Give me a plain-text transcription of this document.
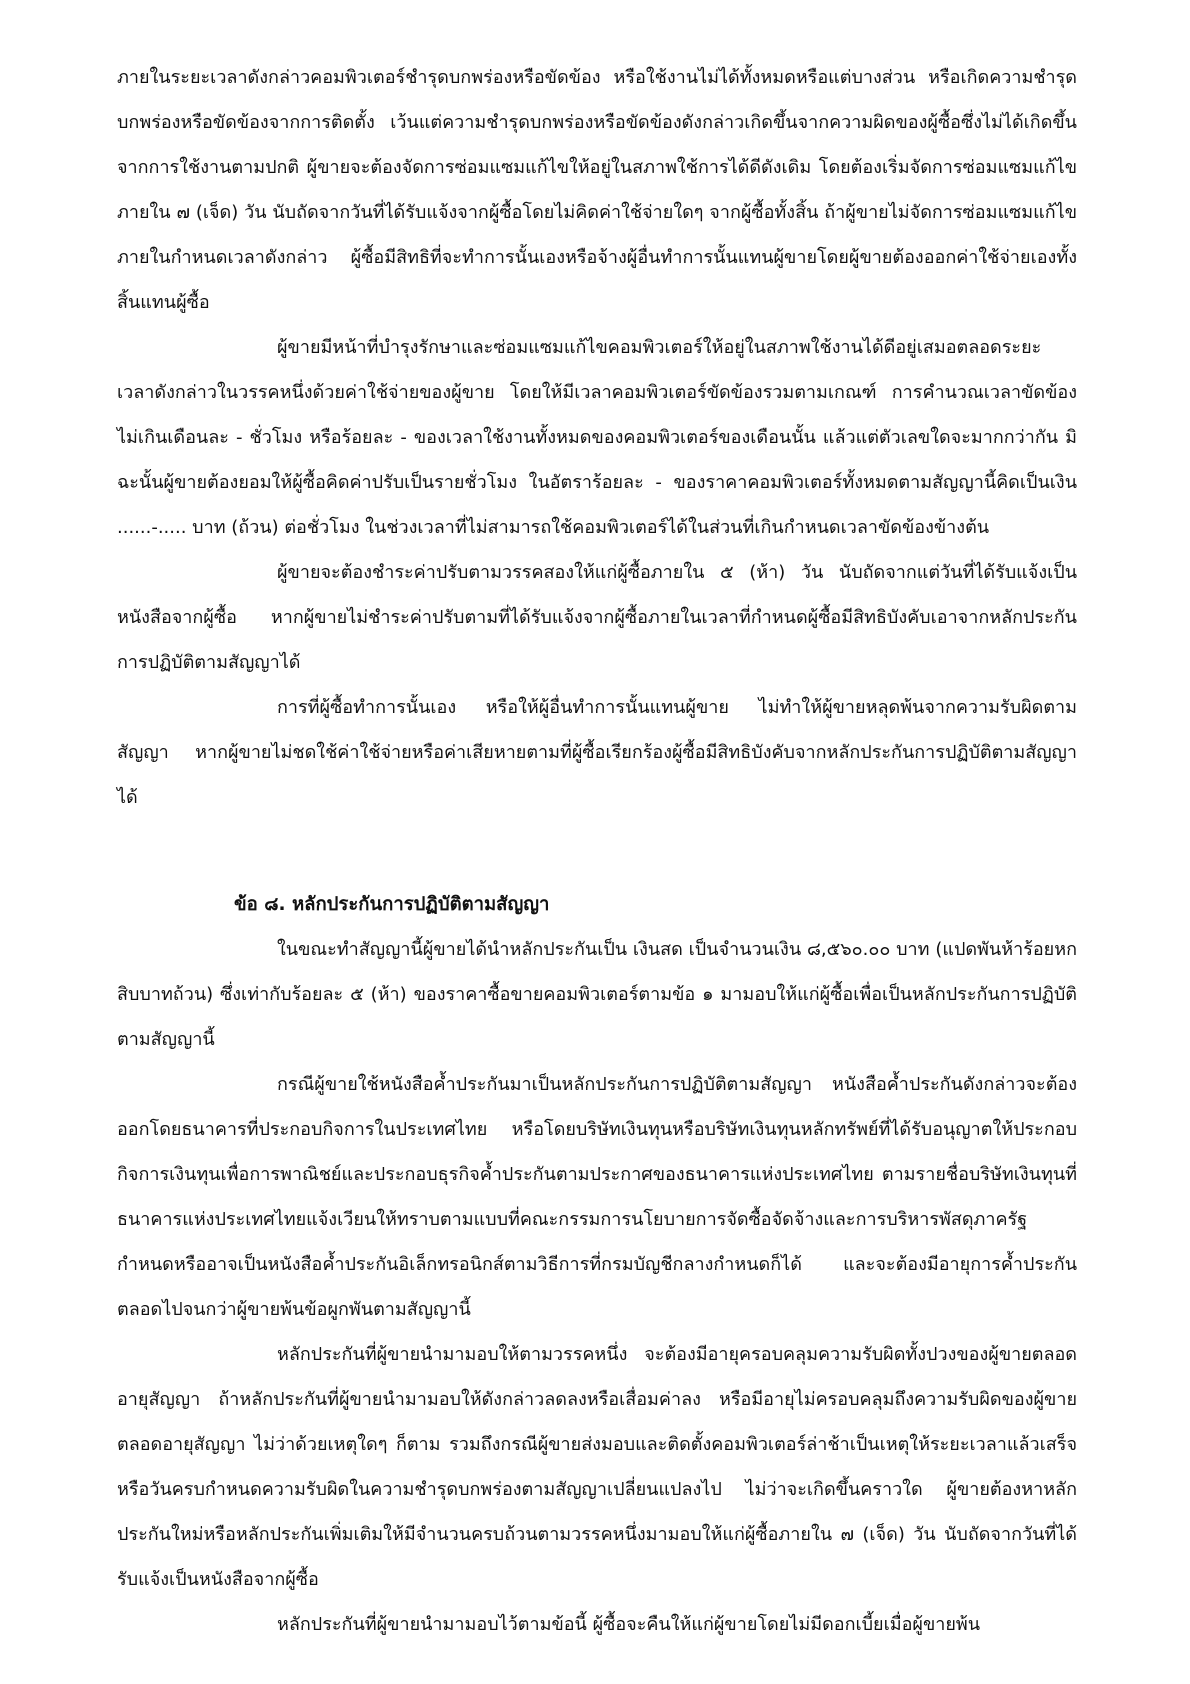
ภายในระยะเวลาดังกล่าวคอมพิวเตอร์ชำรุดบกพร่องหรือขัดข้อง หรือใช้งานไม่ได้ทั้งหมดหรือแต่บางส่วน หรือเกิดความชำรุดบกพร่องหรือขัดข้องจากการติดตั้ง เว้นแต่ความชำรุดบกพร่องหรือขัดข้องดังกล่าวเกิดขึ้นจากความผิดของผู้ซื้อซึ่งไม่ได้เกิดขึ้นจากการใช้งานตามปกติ ผู้ขายจะต้องจัดการซ่อมแซมแก้ไขให้อยู่ในสภาพใช้การได้ดีดังเดิม โดยต้องเริ่มจัดการซ่อมแซมแก้ไขภายใน ๗ (เจ็ด) วัน นับถัดจากวันที่ได้รับแจ้งจากผู้ซื้อโดยไม่คิดค่าใช้จ่ายใดๆ จากผู้ซื้อทั้งสิ้น ถ้าผู้ขายไม่จัดการซ่อมแซมแก้ไข ภายในกำหนดเวลาดังกล่าว ผู้ซื้อมีสิทธิที่จะทำการนั้นเองหรือจ้างผู้อื่นทำการนั้นแทนผู้ขายโดยผู้ขายต้องออกค่าใช้จ่ายเองทั้งสิ้นแทนผู้ซื้อ

ผู้ขายมีหน้าที่บำรุงรักษาและซ่อมแซมแก้ไขคอมพิวเตอร์ให้อยู่ในสภาพใช้งานได้ดีอยู่เสมอตลอดระยะเวลาดังกล่าวในวรรคหนึ่งด้วยค่าใช้จ่ายของผู้ขาย โดยให้มีเวลาคอมพิวเตอร์ขัดข้องรวมตามเกณฑ์ การคำนวณเวลาขัดข้องไม่เกินเดือนละ - ชั่วโมง หรือร้อยละ - ของเวลาใช้งานทั้งหมดของคอมพิวเตอร์ของเดือนนั้น แล้วแต่ตัวเลขใดจะมากกว่ากัน มิฉะนั้นผู้ขายต้องยอมให้ผู้ซื้อคิดค่าปรับเป็นรายชั่วโมง ในอัตราร้อยละ - ของราคาคอมพิวเตอร์ทั้งหมดตามสัญญานี้คิดเป็นเงิน ......-..... บาท (ถ้วน) ต่อชั่วโมง ในช่วงเวลาที่ไม่สามารถใช้คอมพิวเตอร์ได้ในส่วนที่เกินกำหนดเวลาขัดข้องข้างต้น

ผู้ขายจะต้องชำระค่าปรับตามวรรคสองให้แก่ผู้ซื้อภายใน ๕ (ห้า) วัน นับถัดจากแต่วันที่ได้รับแจ้งเป็นหนังสือจากผู้ซื้อ หากผู้ขายไม่ชำระค่าปรับตามที่ได้รับแจ้งจากผู้ซื้อภายในเวลาที่กำหนดผู้ซื้อมีสิทธิบังคับเอาจากหลักประกันการปฏิบัติตามสัญญาได้

การที่ผู้ซื้อทำการนั้นเอง หรือให้ผู้อื่นทำการนั้นแทนผู้ขาย ไม่ทำให้ผู้ขายหลุดพ้นจากความรับผิดตามสัญญา หากผู้ขายไม่ชดใช้ค่าใช้จ่ายหรือค่าเสียหายตามที่ผู้ซื้อเรียกร้องผู้ซื้อมีสิทธิบังคับจากหลักประกันการปฏิบัติตามสัญญาได้

ข้อ ๘. หลักประกันการปฏิบัติตามสัญญา

ในขณะทำสัญญานี้ผู้ขายได้นำหลักประกันเป็น เงินสด เป็นจำนวนเงิน ๘,๕๖๐.๐๐ บาท (แปดพันห้าร้อยหกสิบบาทถ้วน) ซึ่งเท่ากับร้อยละ ๕ (ห้า) ของราคาซื้อขายคอมพิวเตอร์ตามข้อ ๑ มามอบให้แก่ผู้ซื้อเพื่อเป็นหลักประกันการปฏิบัติตามสัญญานี้

กรณีผู้ขายใช้หนังสือค้ำประกันมาเป็นหลักประกันการปฏิบัติตามสัญญา หนังสือค้ำประกันดังกล่าวจะต้องออกโดยธนาคารที่ประกอบกิจการในประเทศไทย หรือโดยบริษัทเงินทุนหรือบริษัทเงินทุนหลักทรัพย์ที่ได้รับอนุญาตให้ประกอบกิจการเงินทุนเพื่อการพาณิชย์และประกอบธุรกิจค้ำประกันตามประกาศของธนาคารแห่งประเทศไทย ตามรายชื่อบริษัทเงินทุนที่ธนาคารแห่งประเทศไทยแจ้งเวียนให้ทราบตามแบบที่คณะกรรมการนโยบายการจัดซื้อจัดจ้างและการบริหารพัสดุภาครัฐกำหนดหรืออาจเป็นหนังสือค้ำประกันอิเล็กทรอนิกส์ตามวิธีการที่กรมบัญชีกลางกำหนดก็ได้ และจะต้องมีอายุการค้ำประกันตลอดไปจนกว่าผู้ขายพ้นข้อผูกพันตามสัญญานี้

หลักประกันที่ผู้ขายนำมามอบให้ตามวรรคหนึ่ง จะต้องมีอายุครอบคลุมความรับผิดทั้งปวงของผู้ขายตลอดอายุสัญญา ถ้าหลักประกันที่ผู้ขายนำมามอบให้ดังกล่าวลดลงหรือเสื่อมค่าลง หรือมีอายุไม่ครอบคลุมถึงความรับผิดของผู้ขายตลอดอายุสัญญา ไม่ว่าด้วยเหตุใดๆ ก็ตาม รวมถึงกรณีผู้ขายส่งมอบและติดตั้งคอมพิวเตอร์ล่าช้าเป็นเหตุให้ระยะเวลาแล้วเสร็จหรือวันครบกำหนดความรับผิดในความชำรุดบกพร่องตามสัญญาเปลี่ยนแปลงไป ไม่ว่าจะเกิดขึ้นคราวใด ผู้ขายต้องหาหลักประกันใหม่หรือหลักประกันเพิ่มเติมให้มีจำนวนครบถ้วนตามวรรคหนึ่งมามอบให้แก่ผู้ซื้อภายใน ๗ (เจ็ด) วัน นับถัดจากวันที่ได้รับแจ้งเป็นหนังสือจากผู้ซื้อ

หลักประกันที่ผู้ขายนำมามอบไว้ตามข้อนี้ ผู้ซื้อจะคืนให้แก่ผู้ขายโดยไม่มีดอกเบี้ยเมื่อผู้ขายพ้น
